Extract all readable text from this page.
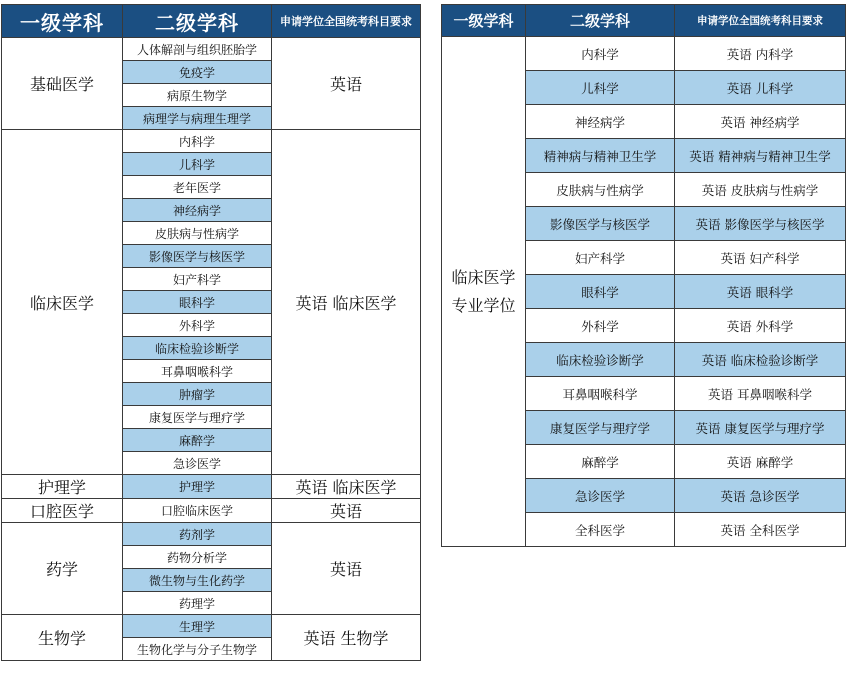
一级学科	二级学科	申请学位全国统考科目要求
基础医学	人体解剖与组织胚胎学	英语
	免疫学	
	病原生物学	
	病理学与病理生理学	
临床医学	内科学	英语 临床医学
	儿科学	
	老年医学	
	神经病学	
	皮肤病与性病学	
	影像医学与核医学	
	妇产科学	
	眼科学	
	外科学	
	临床检验诊断学	
	耳鼻咽喉科学	
	肿瘤学	
	康复医学与理疗学	
	麻醉学	
	急诊医学	
护理学	护理学	英语 临床医学
口腔医学	口腔临床医学	英语
药学	药剂学	英语
	药物分析学	
	微生物与生化药学	
	药理学	
生物学	生理学	英语 生物学
	生物化学与分子生物学	
一级学科	二级学科	申请学位全国统考科目要求
临床医学
专业学位	内科学	英语 内科学
	儿科学	英语 儿科学
	神经病学	英语 神经病学
	精神病与精神卫生学	英语 精神病与精神卫生学
	皮肤病与性病学	英语 皮肤病与性病学
	影像医学与核医学	英语 影像医学与核医学
	妇产科学	英语 妇产科学
	眼科学	英语 眼科学
	外科学	英语 外科学
	临床检验诊断学	英语 临床检验诊断学
	耳鼻咽喉科学	英语 耳鼻咽喉科学
	康复医学与理疗学	英语 康复医学与理疗学
	麻醉学	英语 麻醉学
	急诊医学	英语 急诊医学
	全科医学	英语 全科医学
